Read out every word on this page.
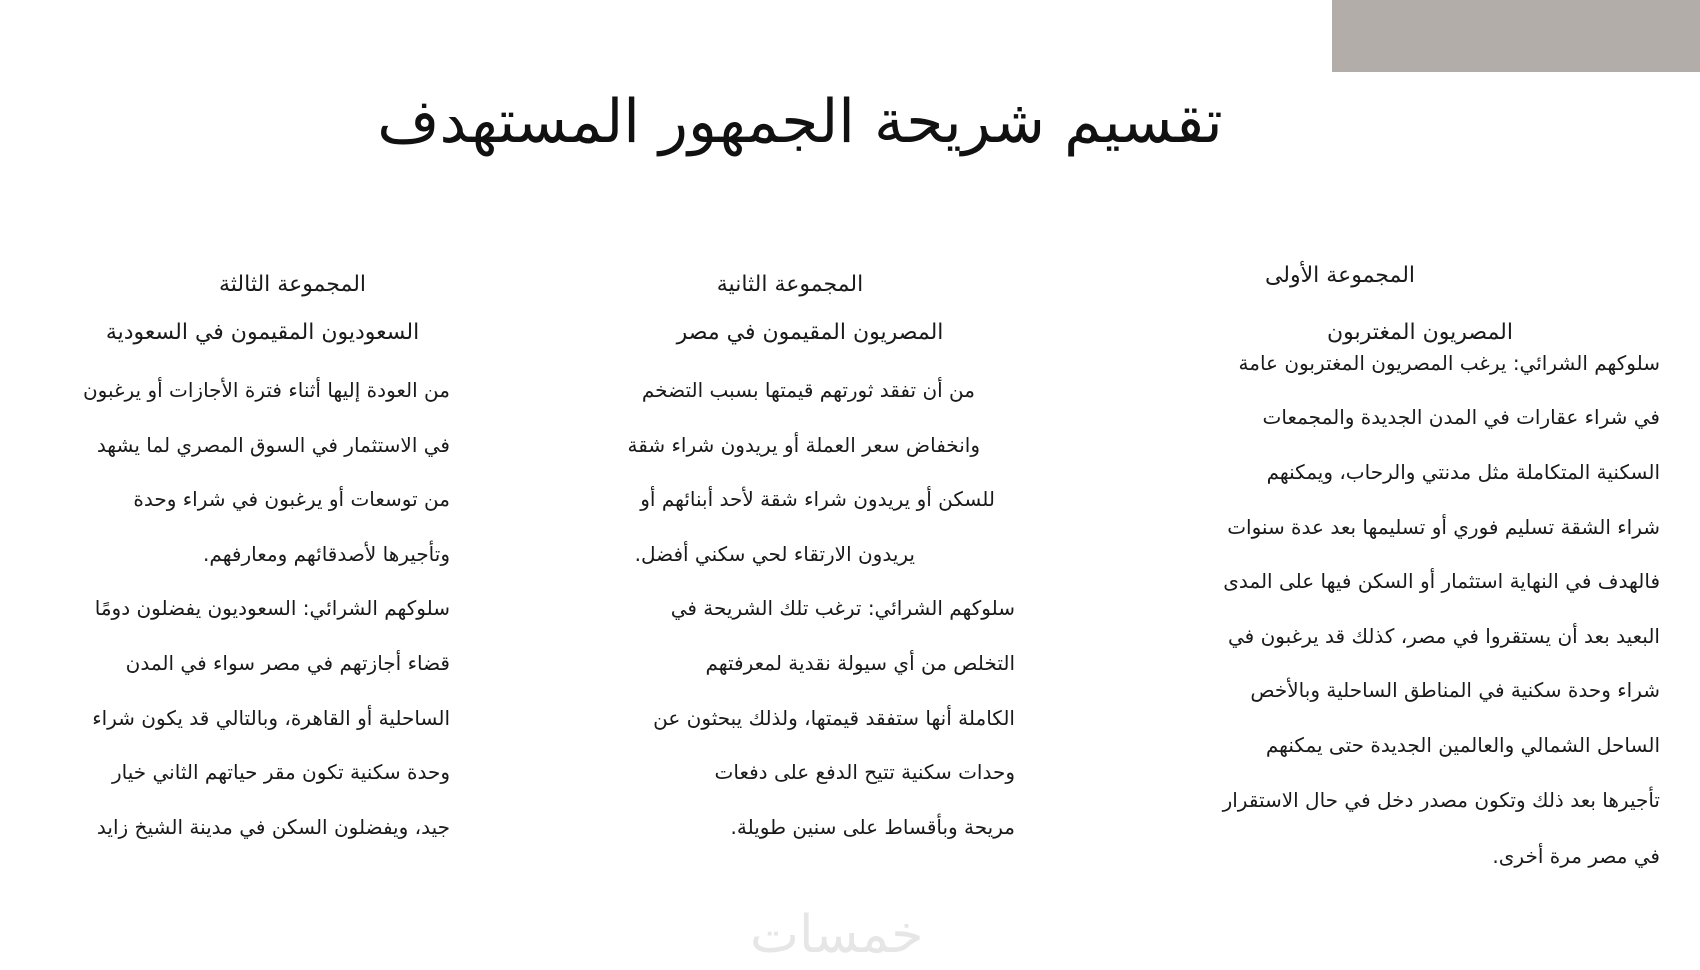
تقسيم شريحة الجمهور المستهدف
المجموعة الأولى
المصريون المغتربون
سلوكهم الشرائي: يرغب المصريون المغتربون عامة
في شراء عقارات في المدن الجديدة والمجمعات
السكنية المتكاملة مثل مدنتي والرحاب، ويمكنهم
شراء الشقة تسليم فوري أو تسليمها بعد عدة سنوات
فالهدف في النهاية استثمار أو السكن فيها على المدى
البعيد بعد أن يستقروا في مصر، كذلك قد يرغبون في
شراء وحدة سكنية في المناطق الساحلية وبالأخص
الساحل الشمالي والعالمين الجديدة حتى يمكنهم
تأجيرها بعد ذلك وتكون مصدر دخل في حال الاستقرار
في مصر مرة أخرى.
المجموعة الثانية
المصريون المقيمون في مصر
من أن تفقد ثورتهم قيمتها بسبب التضخم
وانخفاض سعر العملة أو يريدون شراء شقة
للسكن أو يريدون شراء شقة لأحد أبنائهم أو
يريدون الارتقاء لحي سكني أفضل.
سلوكهم الشرائي: ترغب تلك الشريحة في
التخلص من أي سيولة نقدية لمعرفتهم
الكاملة أنها ستفقد قيمتها، ولذلك يبحثون عن
وحدات سكنية تتيح الدفع على دفعات
مريحة وبأقساط على سنين طويلة.
المجموعة الثالثة
السعوديون المقيمون في السعودية
من العودة إليها أثناء فترة الأجازات أو يرغبون
في الاستثمار في السوق المصري لما يشهد
من توسعات أو يرغبون في شراء وحدة
وتأجيرها لأصدقائهم ومعارفهم.
سلوكهم الشرائي: السعوديون يفضلون دومًا
قضاء أجازتهم في مصر سواء في المدن
الساحلية أو القاهرة، وبالتالي قد يكون شراء
وحدة سكنية تكون مقر حياتهم الثاني خيار
جيد، ويفضلون السكن في مدينة الشيخ زايد
خمسات
